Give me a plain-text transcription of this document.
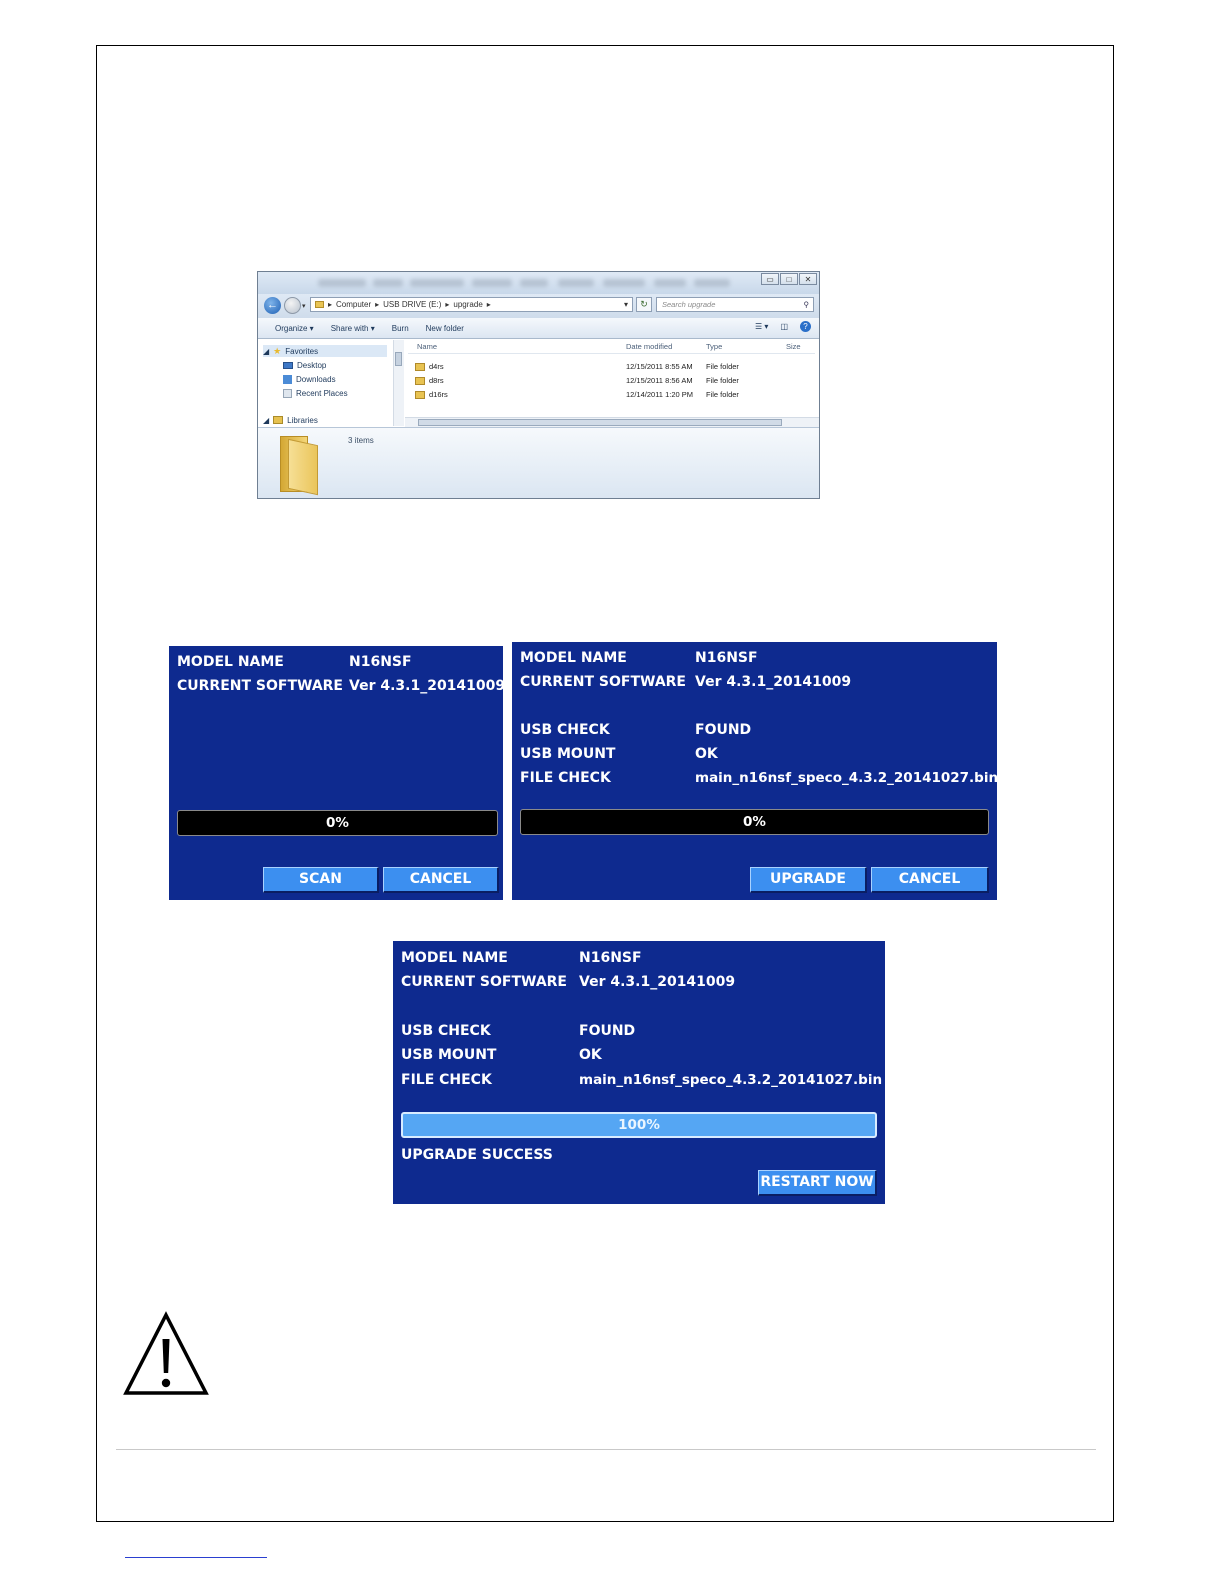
▭	□	✕
←	▾	▸ Computer ▸ USB DRIVE (E:) ▸ upgrade ▸	▾	↻	Search upgrade	⚲
Organize ▾ Share with ▾ Burn New folder	☰ ▾ ◫	?
◢ ★ Favorites
Desktop
Downloads
Recent Places
◢ Libraries
Name	Date modified	Type	Size
d4rs	12/15/2011 8:55 AM File folder
d8rs	12/15/2011 8:56 AM File folder
d16rs	12/14/2011 1:20 PM File folder
3 items
MODEL NAME	N16NSF
CURRENT SOFTWARE Ver 4.3.1_20141009
0%
SCAN	CANCEL
MODEL NAME	N16NSF
CURRENT SOFTWARE Ver 4.3.1_20141009
USB CHECK	FOUND
USB MOUNT	OK
FILE CHECK	main_n16nsf_speco_4.3.2_20141027.bin
0%
UPGRADE	CANCEL
MODEL NAME	N16NSF
CURRENT SOFTWARE Ver 4.3.1_20141009
USB CHECK	FOUND
USB MOUNT	OK
FILE CHECK	main_n16nsf_speco_4.3.2_20141027.bin
100%
UPGRADE SUCCESS
RESTART NOW
